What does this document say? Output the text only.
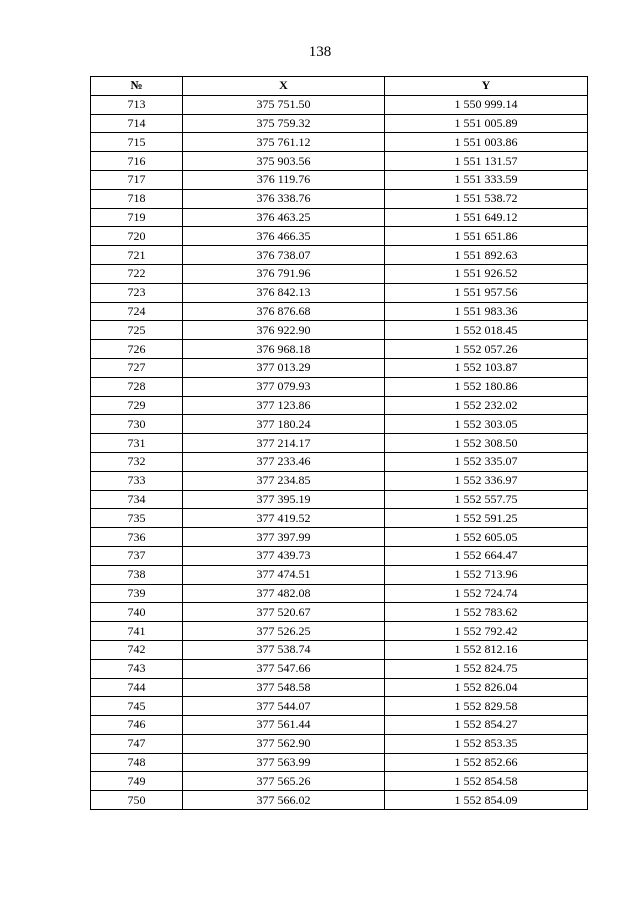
138
№	X	Y
713	375 751.50	1 550 999.14
714	375 759.32	1 551 005.89
715	375 761.12	1 551 003.86
716	375 903.56	1 551 131.57
717	376 119.76	1 551 333.59
718	376 338.76	1 551 538.72
719	376 463.25	1 551 649.12
720	376 466.35	1 551 651.86
721	376 738.07	1 551 892.63
722	376 791.96	1 551 926.52
723	376 842.13	1 551 957.56
724	376 876.68	1 551 983.36
725	376 922.90	1 552 018.45
726	376 968.18	1 552 057.26
727	377 013.29	1 552 103.87
728	377 079.93	1 552 180.86
729	377 123.86	1 552 232.02
730	377 180.24	1 552 303.05
731	377 214.17	1 552 308.50
732	377 233.46	1 552 335.07
733	377 234.85	1 552 336.97
734	377 395.19	1 552 557.75
735	377 419.52	1 552 591.25
736	377 397.99	1 552 605.05
737	377 439.73	1 552 664.47
738	377 474.51	1 552 713.96
739	377 482.08	1 552 724.74
740	377 520.67	1 552 783.62
741	377 526.25	1 552 792.42
742	377 538.74	1 552 812.16
743	377 547.66	1 552 824.75
744	377 548.58	1 552 826.04
745	377 544.07	1 552 829.58
746	377 561.44	1 552 854.27
747	377 562.90	1 552 853.35
748	377 563.99	1 552 852.66
749	377 565.26	1 552 854.58
750	377 566.02	1 552 854.09
